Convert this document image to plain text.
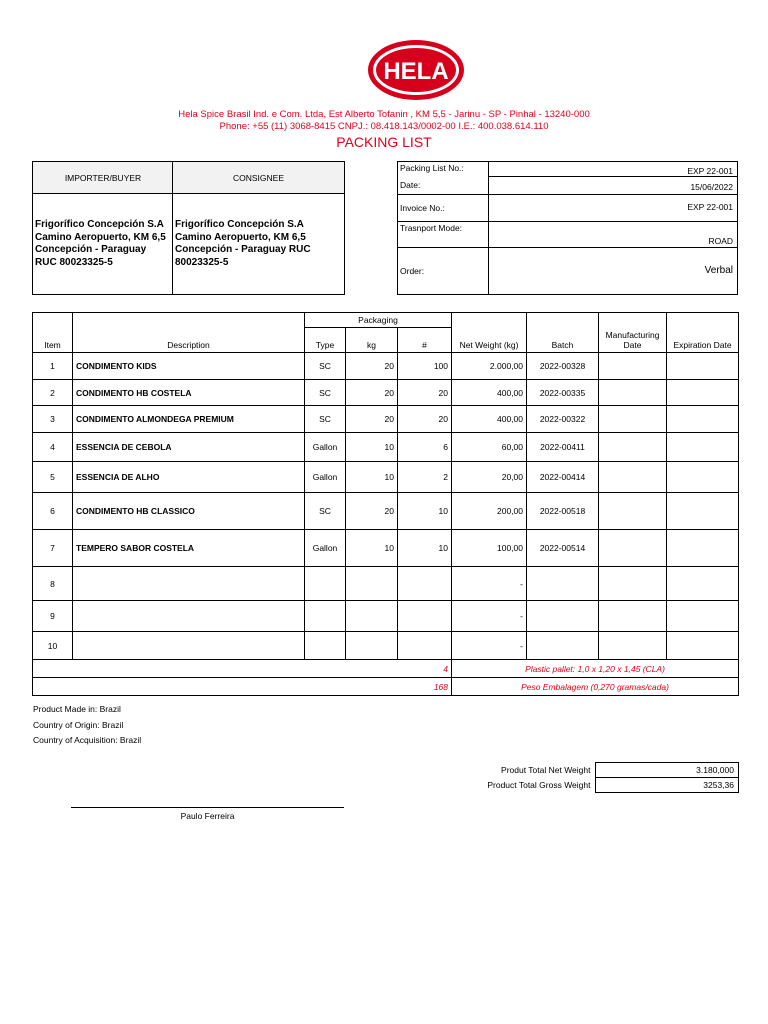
HELA
Hela Spice Brasil Ind. e Com. Ltda, Est Alberto Tofanin , KM 5,5 - Jarinu - SP - Pinhal - 13240-000
Phone: +55 (11) 3068-8415 CNPJ.: 08.418.143/0002-00 I.E.: 400.038.614.110
PACKING LIST
IMPORTER/BUYER	CONSIGNEE
Frigorífico Concepción S.A Camino Aeropuerto, KM 6,5 Concepción - Paraguay RUC 80023325-5
Frigorífico Concepción S.A Camino Aeropuerto, KM 6,5 Concepción - Paraguay RUC 80023325-5
Packing List No.:	EXP 22-001
Date:	15/06/2022
Invoice No.:	EXP 22-001
Trasnport Mode:
ROAD
Order:	Verbal
Item	Description	Packaging			Net Weight (kg)	Batch	Manufacturing Date	Expiration Date
		Type	kg	#				
1	CONDIMENTO KIDS	SC	20	100	2.000,00	2022-00328		
2	CONDIMENTO HB COSTELA	SC	20	20	400,00	2022-00335		
3	CONDIMENTO ALMONDEGA PREMIUM	SC	20	20	400,00	2022-00322		
4	ESSENCIA DE CEBOLA	Gallon	10	6	60,00	2022-00411		
5	ESSENCIA DE ALHO	Gallon	10	2	20,00	2022-00414		
6	CONDIMENTO HB CLASSICO	SC	20	10	200,00	2022-00518		
7	TEMPERO SABOR COSTELA	Gallon	10	10	100,00	2022-00514		
8					-			
9					-			
10					-			
4					Plastic pallet: 1,0 x 1,20 x 1,45 (CLA)			
168					Peso Embalagem (0,270 gramas/cada)			
Product Made in: Brazil
Country of Origin: Brazil
Country of Acquisition: Brazil
Produt Total Net Weight	3.180,000
Product Total Gross Weight	3253,36
Paulo Ferreira
